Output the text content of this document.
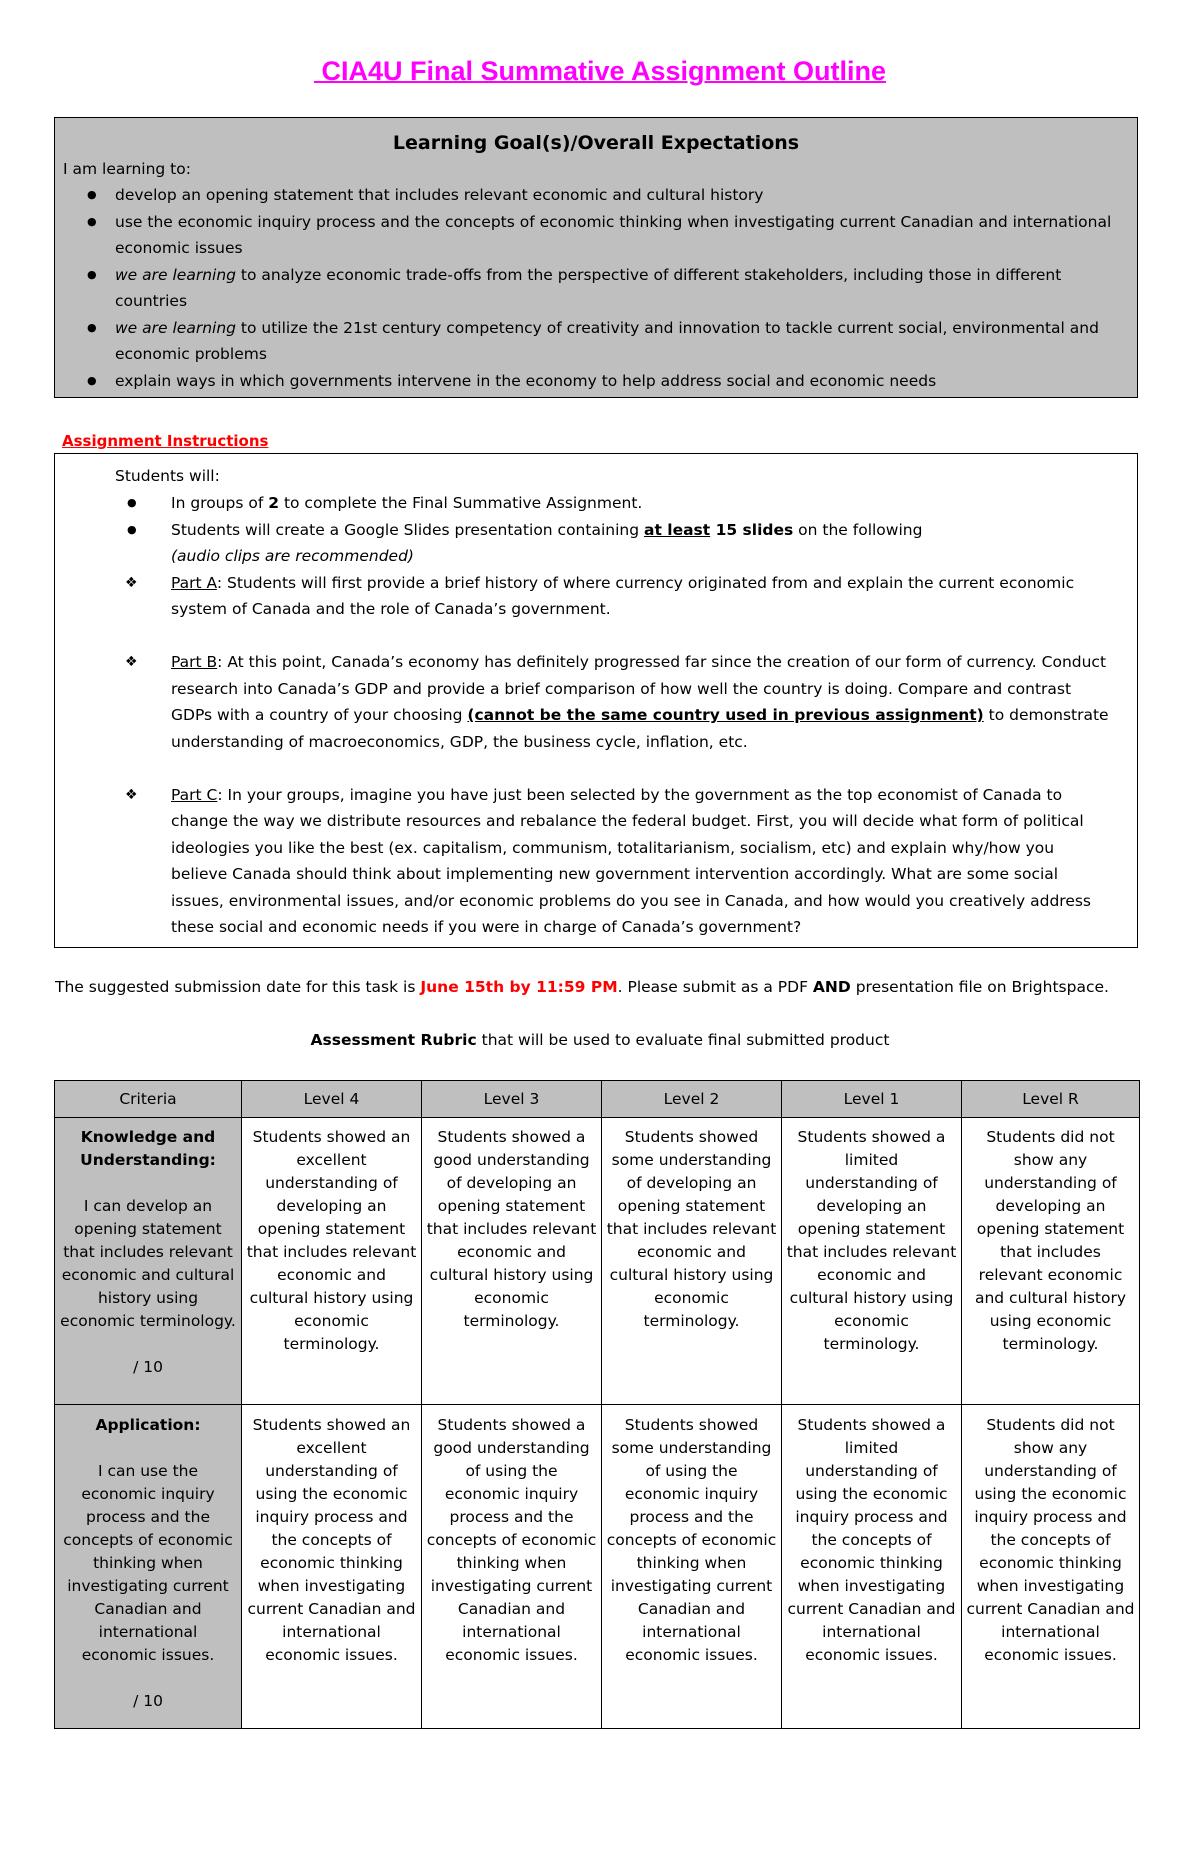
CIA4U Final Summative Assignment Outline
Learning Goal(s)/Overall Expectations
I am learning to:
● develop an opening statement that includes relevant economic and cultural history
● use the economic inquiry process and the concepts of economic thinking when investigating current Canadian and international economic issues
● we are learning to analyze economic trade-offs from the perspective of different stakeholders, including those in different countries
● we are learning to utilize the 21st century competency of creativity and innovation to tackle current social, environmental and economic problems
● explain ways in which governments intervene in the economy to help address social and economic needs
Assignment Instructions
Students will:
● In groups of 2 to complete the Final Summative Assignment.
● Students will create a Google Slides presentation containing at least 15 slides on the following
(audio clips are recommended)
❖ Part A: Students will first provide a brief history of where currency originated from and explain the current economic system of Canada and the role of Canada’s government.
❖ Part B: At this point, Canada’s economy has definitely progressed far since the creation of our form of currency. Conduct research into Canada’s GDP and provide a brief comparison of how well the country is doing. Compare and contrast GDPs with a country of your choosing (cannot be the same country used in previous assignment) to demonstrate understanding of macroeconomics, GDP, the business cycle, inflation, etc.
❖ Part C: In your groups, imagine you have just been selected by the government as the top economist of Canada to change the way we distribute resources and rebalance the federal budget. First, you will decide what form of political ideologies you like the best (ex. capitalism, communism, totalitarianism, socialism, etc) and explain why/how you believe Canada should think about implementing new government intervention accordingly. What are some social issues, environmental issues, and/or economic problems do you see in Canada, and how would you creatively address these social and economic needs if you were in charge of Canada’s government?
The suggested submission date for this task is June 15th by 11:59 PM. Please submit as a PDF AND presentation file on Brightspace.
Assessment Rubric that will be used to evaluate final submitted product
Criteria	Level 4	Level 3	Level 2	Level 1	Level R

Knowledge and Understanding:
I can develop an opening statement that includes relevant economic and cultural history using economic terminology.
/ 10	Students showed an excellent understanding of developing an opening statement that includes relevant economic and cultural history using economic terminology.	Students showed a good understanding of developing an opening statement that includes relevant economic and cultural history using economic terminology.	Students showed some understanding of developing an opening statement that includes relevant economic and cultural history using economic terminology.	Students showed a limited understanding of developing an opening statement that includes relevant economic and cultural history using economic terminology.	Students did not show any understanding of developing an opening statement that includes relevant economic and cultural history using economic terminology.

Application:
I can use the economic inquiry process and the concepts of economic thinking when investigating current Canadian and international economic issues.
/ 10	Students showed an excellent understanding of using the economic inquiry process and the concepts of economic thinking when investigating current Canadian and international economic issues.	Students showed a good understanding of using the economic inquiry process and the concepts of economic thinking when investigating current Canadian and international economic issues.	Students showed some understanding of using the economic inquiry process and the concepts of economic thinking when investigating current Canadian and international economic issues.	Students showed a limited understanding of using the economic inquiry process and the concepts of economic thinking when investigating current Canadian and international economic issues.	Students did not show any understanding of using the economic inquiry process and the concepts of economic thinking when investigating current Canadian and international economic issues.
